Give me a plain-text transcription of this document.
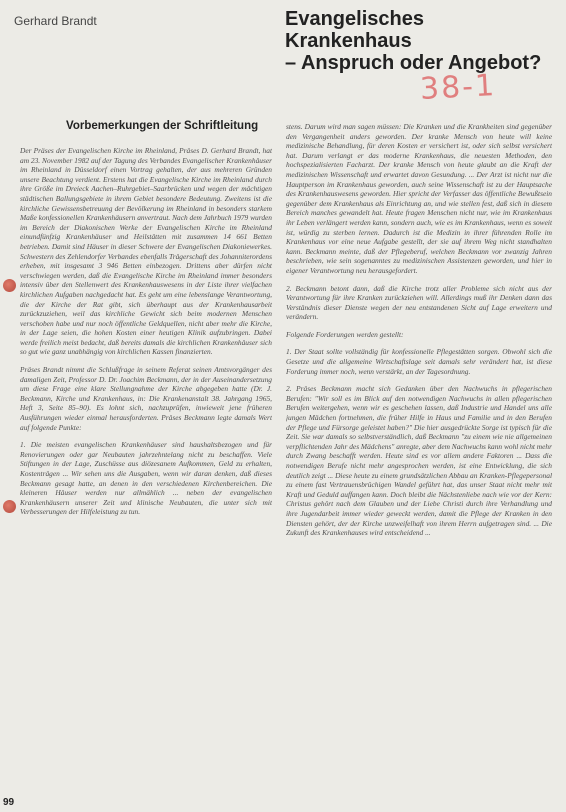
Gerhard Brandt	Evangelisches Krankenhaus
– Anspruch oder Angebot?
38-1
Vorbemerkungen der Schriftleitung

Der Präses der Evangelischen Kirche im Rheinland, Präses D. Gerhard Brandt, hat am 23. November 1982 auf der Tagung des Verbandes Evangelischer Krankenhäuser im Rheinland in Düsseldorf einen Vortrag gehalten, der aus mehreren Gründen unsere Beachtung verdient. Erstens hat die Evangelische Kirche im Rheinland durch ihre Größe im Dreieck Aachen–Ruhrgebiet–Saarbrücken und wegen der mächtigen städtischen Ballungsgebiete in ihrem Gebiet besondere Bedeutung. Zweitens ist die kirchliche Gewissensbetreuung der Bevölkerung im Rheinland in besonders starkem Maße konfessionellen Krankenhäusern anvertraut. Nach dem Jahrbuch 1979 wurden im Bereich der Diakonischen Werke der Evangelischen Kirche im Rheinland einundfünfzig Krankenhäuser und Heilstätten mit zusammen 14 661 Betten betrieben. Damit sind Häuser in dieser Schwere der Evangelischen Diakoniewerkes. Schwestern des Zehlendorfer Verbandes ebenfalls Trägerschaft des Johanniterordens erheben, mit insgesamt 3 946 Betten einbezogen. Drittens aber dürfen nicht verschwiegen werden, daß die Evangelische Kirche im Rheinland immer besonders intensiv über den Stellenwert des Krankenhauswesens in der Liste ihrer vielfachen kirchlichen Aufgaben nachgedacht hat. Es geht um eine lebenslange Verantwortung, die der Kirche der Rat gibt, sich überhaupt aus der Krankenhausarbeit zurückzuziehen, weil das kirchliche Gewicht sich beim modernen Menschen verschoben habe und nur noch öffentliche Geldquellen, nicht aber mehr die Kirche, in der Lage seien, die hohen Kosten einer heutigen Klinik aufzubringen. Dabei werde freilich meist bedacht, daß bereits damals die kirchlichen Krankenhäuser sich so gut wie ganz unabhängig von kirchlichen Kassen finanzierten.

Präses Brandt nimmt die Schlußfrage in seinem Referat seinen Amtsvorgänger des damaligen Zeit, Professor D. Dr. Joachim Beckmann, der in der Auseinandersetzung um diese Frage eine klare Stellungnahme der Kirche abgegeben hatte (Dr. J. Beckmann, Kirche und Krankenhaus, in: Die Krankenanstalt 38. Jahrgang 1965, Heft 3, Seite 85–90). Es lohnt sich, nachzuprüfen, inwieweit jene früheren Ausführungen wieder einmal herausforderten. Präses Beckmann legte damals Wert auf folgende Punkte:

1. Die meisten evangelischen Krankenhäuser sind haushaltsbezogen und für Renovierungen oder gar Neubauten jahrzehntelang nicht zu beschaffen. Viele Stiftungen in der Lage, Zuschüsse aus diözesanem Aufkommen, Geld zu erhalten, Kostenträgen ... Wir sehen uns die Ausgaben, wenn wir daran denken, daß dieses Beckmann gesagt hatte, an denen in den verschiedenen Kirchenbereichen. Die kleineren Häuser werden nur allmählich ... neben der evangelischen Krankenhäusern unserer Zeit und klinische Neubauten, die unter sich mit Verbesserungen der Hilfeleistung zu tun.

stens. Darum wird man sagen müssen: Die Kranken und die Krankheiten sind gegenüber den Vergangenheit anders geworden. Der kranke Mensch von heute will keine medizinische Behandlung, für deren Kosten er versichert ist, oder sich selbst versichert hat. Darum verlangt er das moderne Krankenhaus, die neuesten Methoden, den hochspezialisierten Facharzt. Der kranke Mensch von heute glaubt an die Kraft der medizinischen Wissenschaft und erwartet davon Gesundung. ... Der Arzt ist nicht nur die Hauptperson im Krankenhaus geworden, auch seine Wissenschaft ist zu der Hauptsache des Krankenhauswesens geworden. Hier spricht der Verfasser das öffentliche Bewußtsein gegenüber dem Krankenhaus als Einrichtung an, und wie stellen fest, daß sich in diesem Bereich manches gewandelt hat. Heute fragen Menschen nicht nur, wie im Krankenhaus ihr Leben verlängert werden kann, sondern auch, wie es im Krankenhaus, wenn es soweit ist, würdig zu sterben lernen. Dadurch ist die Medizin in ihrer führenden Rolle im Krankenhaus vor eine neue Aufgabe gestellt, der sie auf ihrem Weg nicht standhalten kann. Beckmann meinte, daß der Pflegeberuf, welchen Beckmann vor zwanzig Jahren beschrieben, wie sein sogenanntes zu medizinischen Assistenzen geworden, und hier in eigener Verantwortung neu herausgefordert.

2. Beckmann betont dann, daß die Kirche trotz aller Probleme sich nicht aus der Verantwortung für ihre Kranken zurückziehen will. Allerdings muß ihr Denken dann das Verständnis dieser Dienste wegen der neu entstandenen Sicht auf Lage erweitern und verändern.

Folgende Forderungen werden gestellt:

1. Der Staat sollte vollständig für konfessionelle Pflegestätten sorgen. Obwohl sich die Gesetze und die allgemeine Wirtschaftslage seit damals sehr verändert hat, ist diese Forderung immer noch, wenn verstärkt, an der Tagesordnung.

2. Präses Beckmann macht sich Gedanken über den Nachwuchs in pflegerischen Berufen: "Wir soll es im Blick auf den notwendigen Nachwuchs in allen pflegerischen Berufen weitergehen, wenn wir es geschehen lassen, daß Industrie und Handel uns alle jungen Mädchen fortnehmen, die früher Hilfe in Haus und Familie und in den Berufen der Pflege und Fürsorge geleistet haben?" Die hier ausgedrückte Sorge ist typisch für die Zeit. Sie war damals so selbstverständlich, daß Beckmann "zu einem wie nie allgemeinen verpflichtenden Jahr des Mädchens" anregte, aber dem Nachwuchs kann wohl nicht mehr durch Zwang beschafft werden. Heute sind es vor allem andere Faktoren ... Dass die notwendigen Berufe nicht mehr angesprochen werden, ist eine Entwicklung, die sich deutlich zeigt ... Diese heute zu einem grundsätzlichen Abbau an Kranken-Pflegepersonal zu einem fast Vertrauensbrüchigen Wandel geführt hat, das unser Staat nicht mehr mit Kraft und Geduld auffangen kann. Doch bleibt die Nächstenliebe nach wie vor der Kern: Christus gehört nach dem Glauben und der Liebe Christi durch ihre Verhandlung und ihre Jugendarbeit immer wieder geweckt werden, damit die Pflege der Kranken in den Diensten gehört, der der Kirche unzweifelhaft von ihrem Herrn aufgetragen sind. ... Die Zukunft des Krankenhauses wird entscheidend ...

99
